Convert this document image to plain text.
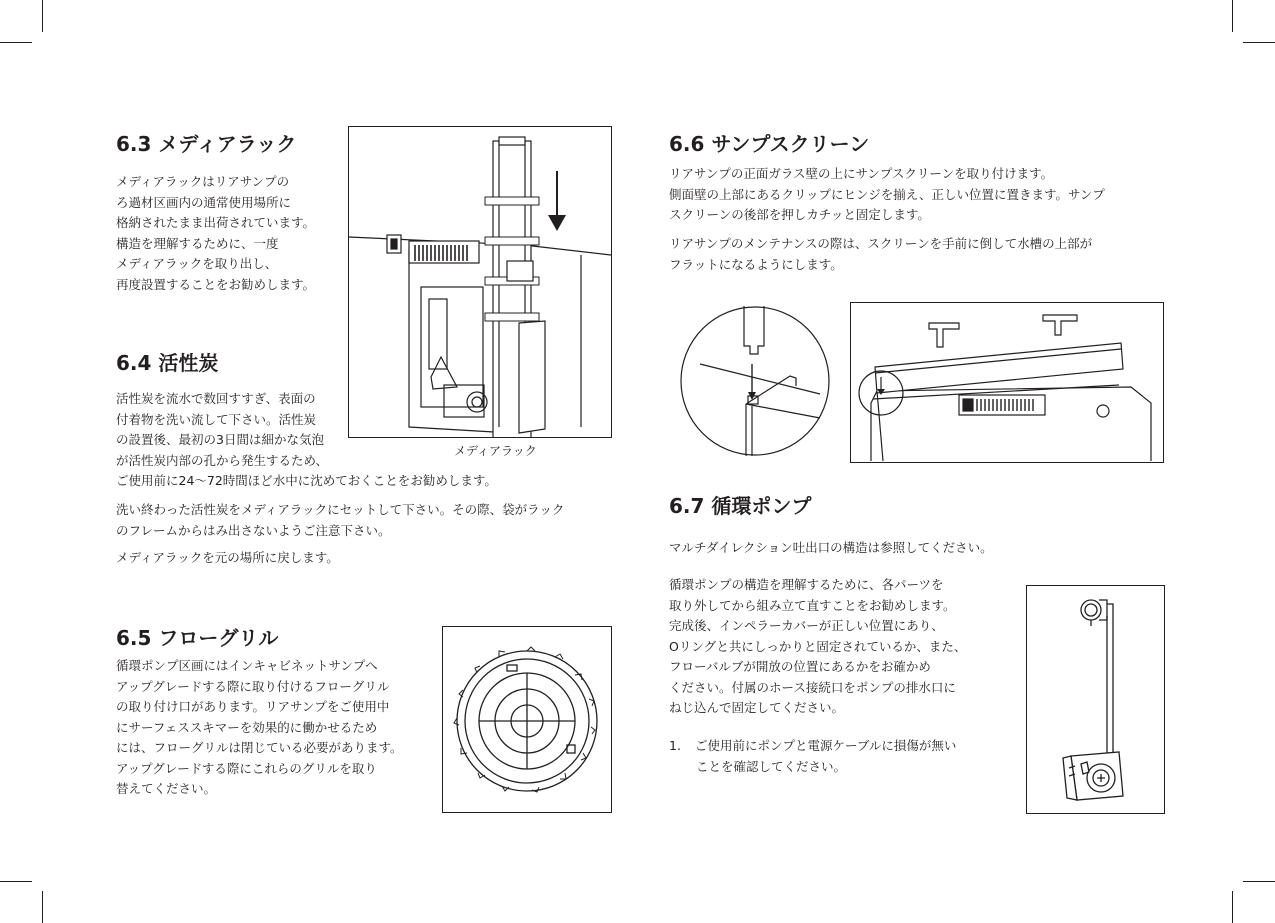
6.3 メディアラック
メディアラックはリアサンプの
ろ過材区画内の通常使用場所に
格納されたまま出荷されています。
構造を理解するために、一度
メディアラックを取り出し、
再度設置することをお勧めします。
メディアラック
6.4 活性炭
活性炭を流水で数回すすぎ、表面の
付着物を洗い流して下さい。活性炭
の設置後、最初の3日間は細かな気泡
が活性炭内部の孔から発生するため、
ご使用前に24〜72時間ほど水中に沈めておくことをお勧めします。
洗い終わった活性炭をメディアラックにセットして下さい。その際、袋がラック
のフレームからはみ出さないようご注意下さい。
メディアラックを元の場所に戻します。
6.5 フローグリル
循環ポンプ区画にはインキャビネットサンプへ
アップグレードする際に取り付けるフローグリル
の取り付け口があります。リアサンプをご使用中
にサーフェススキマーを効果的に働かせるため
には、フローグリルは閉じている必要があります。
アップグレードする際にこれらのグリルを取り
替えてください。
6.6 サンプスクリーン
リアサンプの正面ガラス壁の上にサンプスクリーンを取り付けます。
側面壁の上部にあるクリップにヒンジを揃え、正しい位置に置きます。サンプ
スクリーンの後部を押しカチッと固定します。
リアサンプのメンテナンスの際は、スクリーンを手前に倒して水槽の上部が
フラットになるようにします。
6.7 循環ポンプ
マルチダイレクション吐出口の構造は参照してください。
循環ポンプの構造を理解するために、各パーツを
取り外してから組み立て直すことをお勧めします。
完成後、インペラーカバーが正しい位置にあり、
Oリングと共にしっかりと固定されているか、また、
フローバルブが開放の位置にあるかをお確かめ
ください。付属のホース接続口をポンプの排水口に
ねじ込んで固定してください。
1. ご使用前にポンプと電源ケーブルに損傷が無い
ことを確認してください。
